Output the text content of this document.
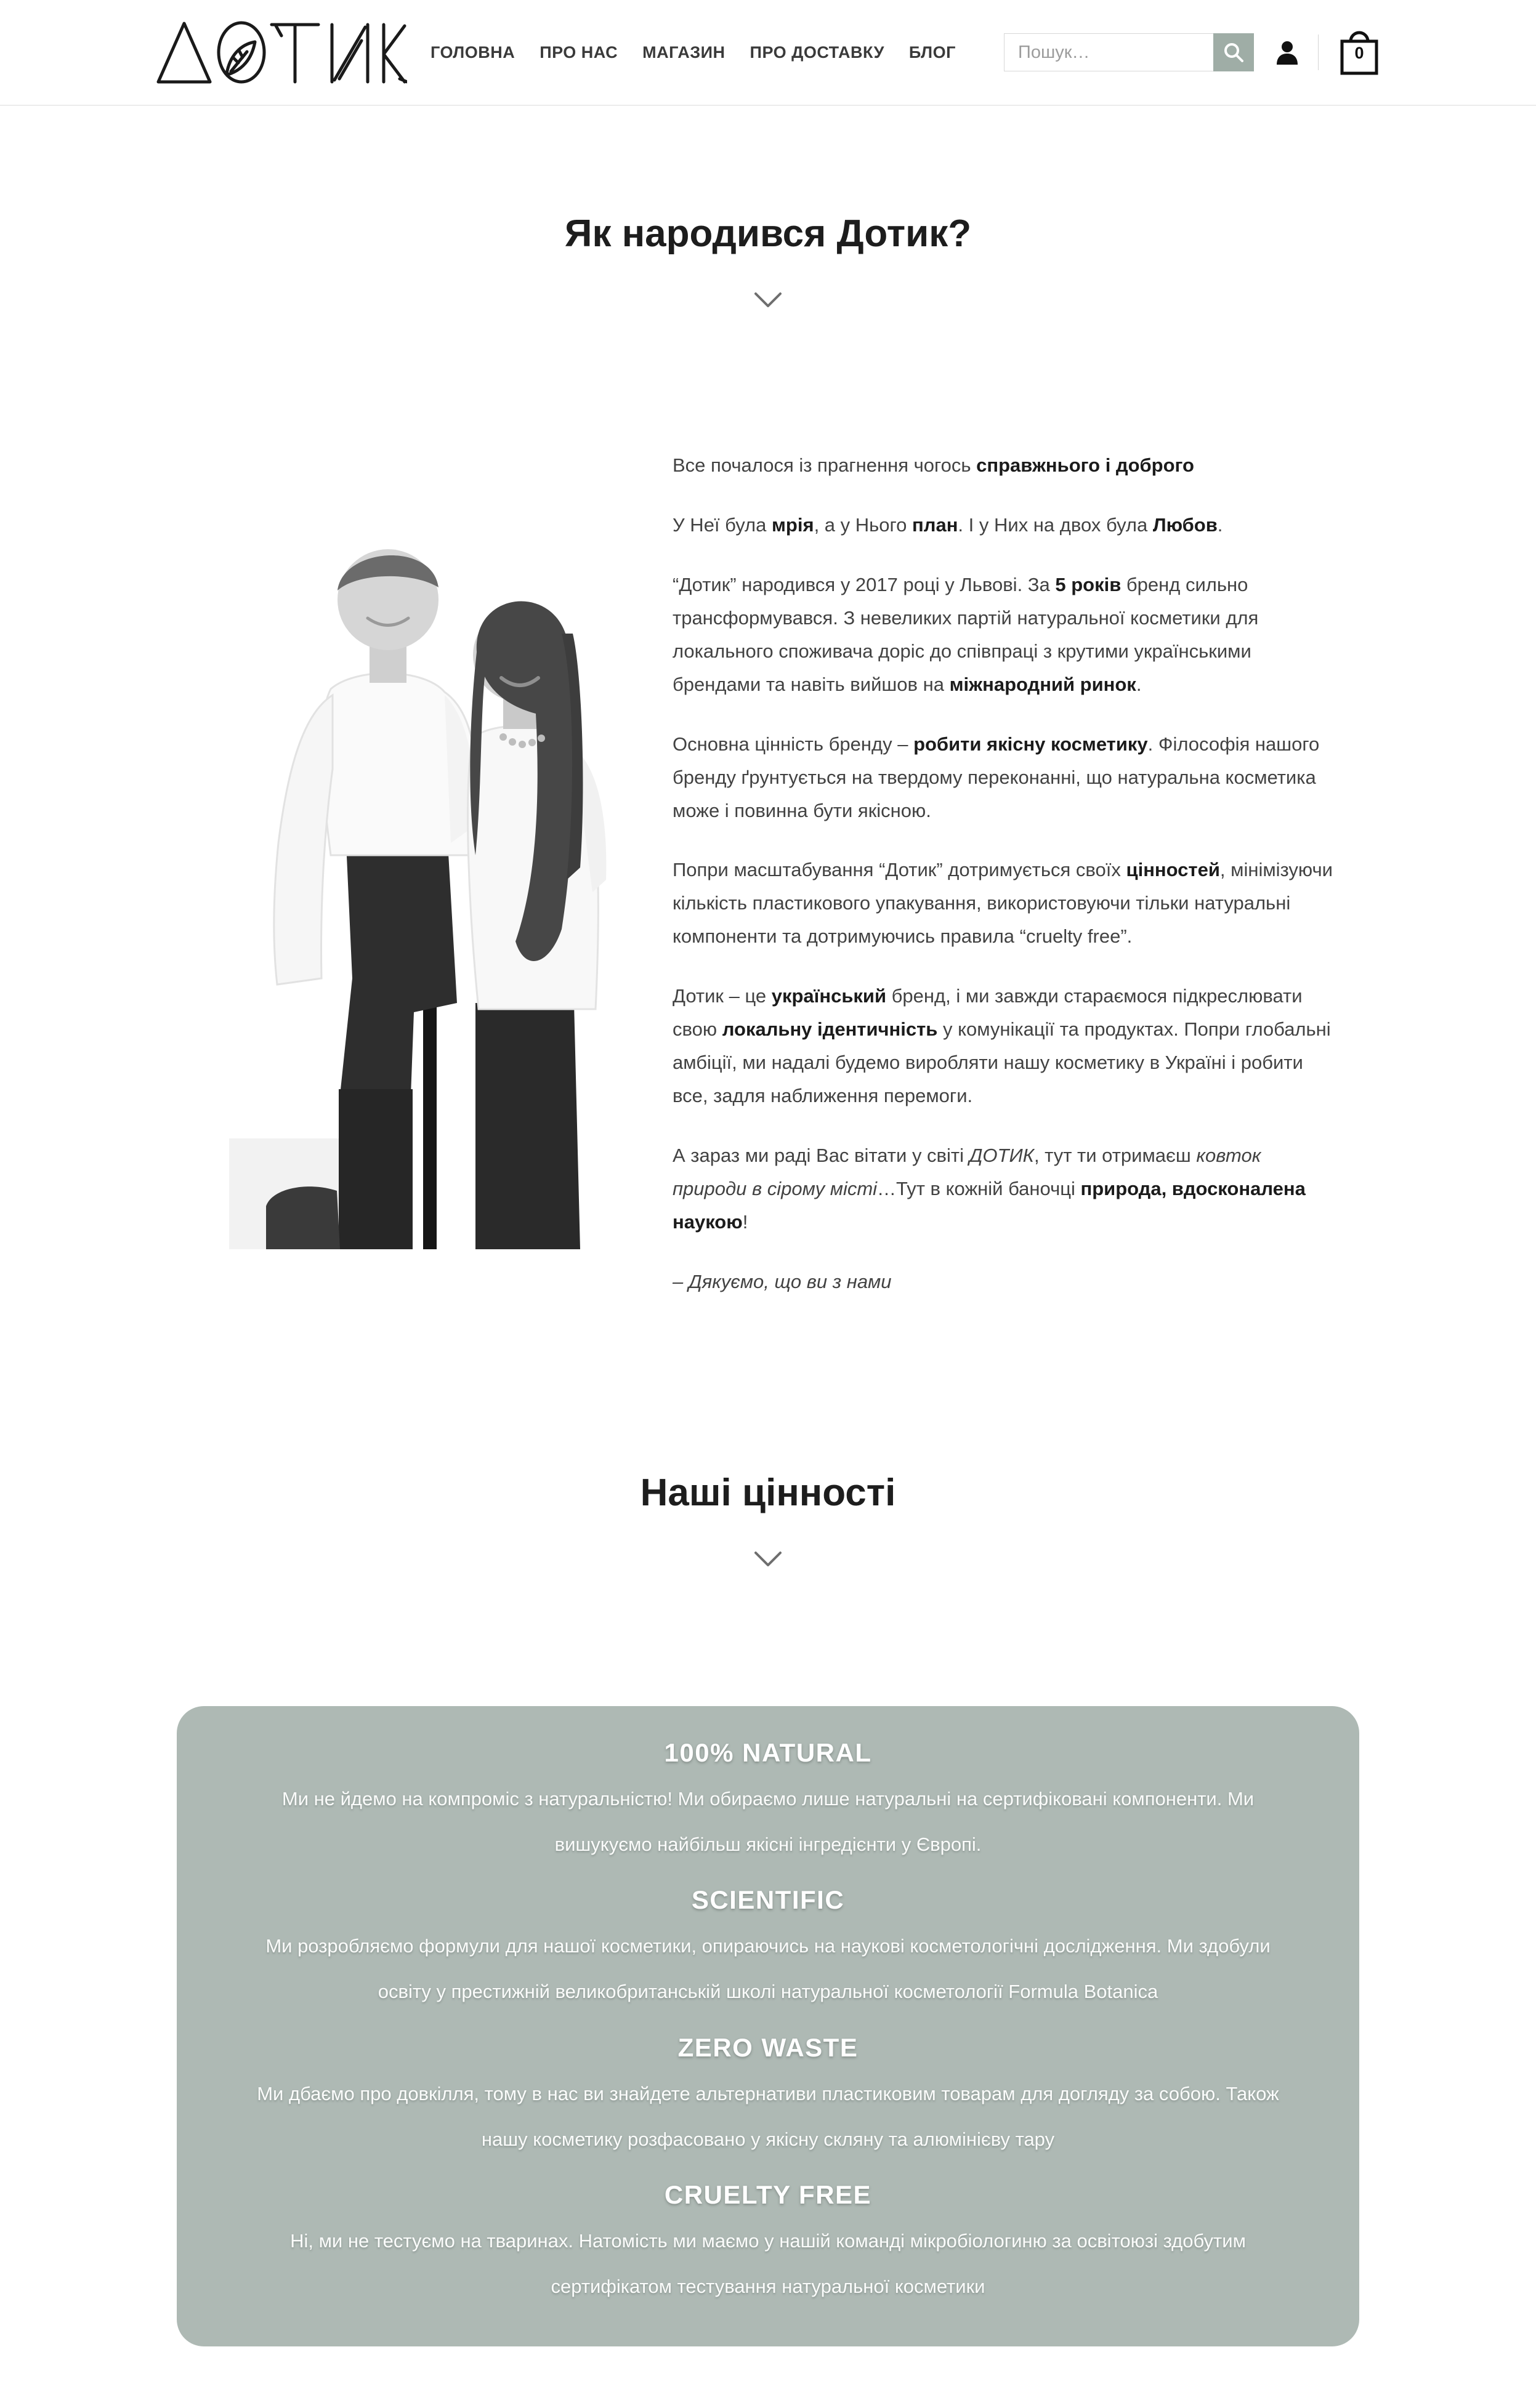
ГОЛОВНА ПРО НАС МАГАЗИН ПРО ДОСТАВКУ БЛОГ
Пошук…	0
Як народився Дотик?

Все почалося із прагнення чогось справжнього і доброго

У Неї була мрія, а у Нього план. І у Них на двох була Любов.

“Дотик” народився у 2017 році у Львові. За 5 років бренд сильно трансформувався. З невеликих партій натуральної косметики для локального споживача доріс до співпраці з крутими українськими брендами та навіть вийшов на міжнародний ринок.

Основна цінність бренду – робити якісну косметику. Філософія нашого бренду ґрунтується на твердому переконанні, що натуральна косметика може і повинна бути якісною.

Попри масштабування “Дотик” дотримується своїх цінностей, мінімізуючи кількість пластикового упакування, використовуючи тільки натуральні компоненти та дотримуючись правила “cruelty free”.

Дотик – це український бренд, і ми завжди стараємося підкреслювати свою локальну ідентичність у комунікації та продуктах. Попри глобальні амбіції, ми надалі будемо виробляти нашу косметику в Україні і робити все, задля наближення перемоги.

А зараз ми раді Вас вітати у світі ДОТИК, тут ти отримаєш ковток природи в сірому місті…Тут в кожній баночці природа, вдосконалена наукою!

– Дякуємо, що ви з нами

Наші цінності
100% NATURAL

Ми не йдемо на компроміс з натуральністю! Ми обираємо лише натуральні на сертифіковані компоненти. Ми вишукуємо найбільш якісні інгредієнти у Європі.

SCIENTIFIC

Ми розробляємо формули для нашої косметики, опираючись на наукові косметологічні дослідження. Ми здобули освіту у престижній великобританській школі натуральної косметології Formula Botanica

ZERO WASTE

Ми дбаємо про довкілля, тому в нас ви знайдете альтернативи пластиковим товарам для догляду за собою. Також нашу косметику розфасовано у якісну скляну та алюмінієву тару

CRUELTY FREE

Ні, ми не тестуємо на тваринах. Натомість ми маємо у нашій команді мікробіологиню за освітоюзі здобутим сертифікатом тестування натуральної косметики
